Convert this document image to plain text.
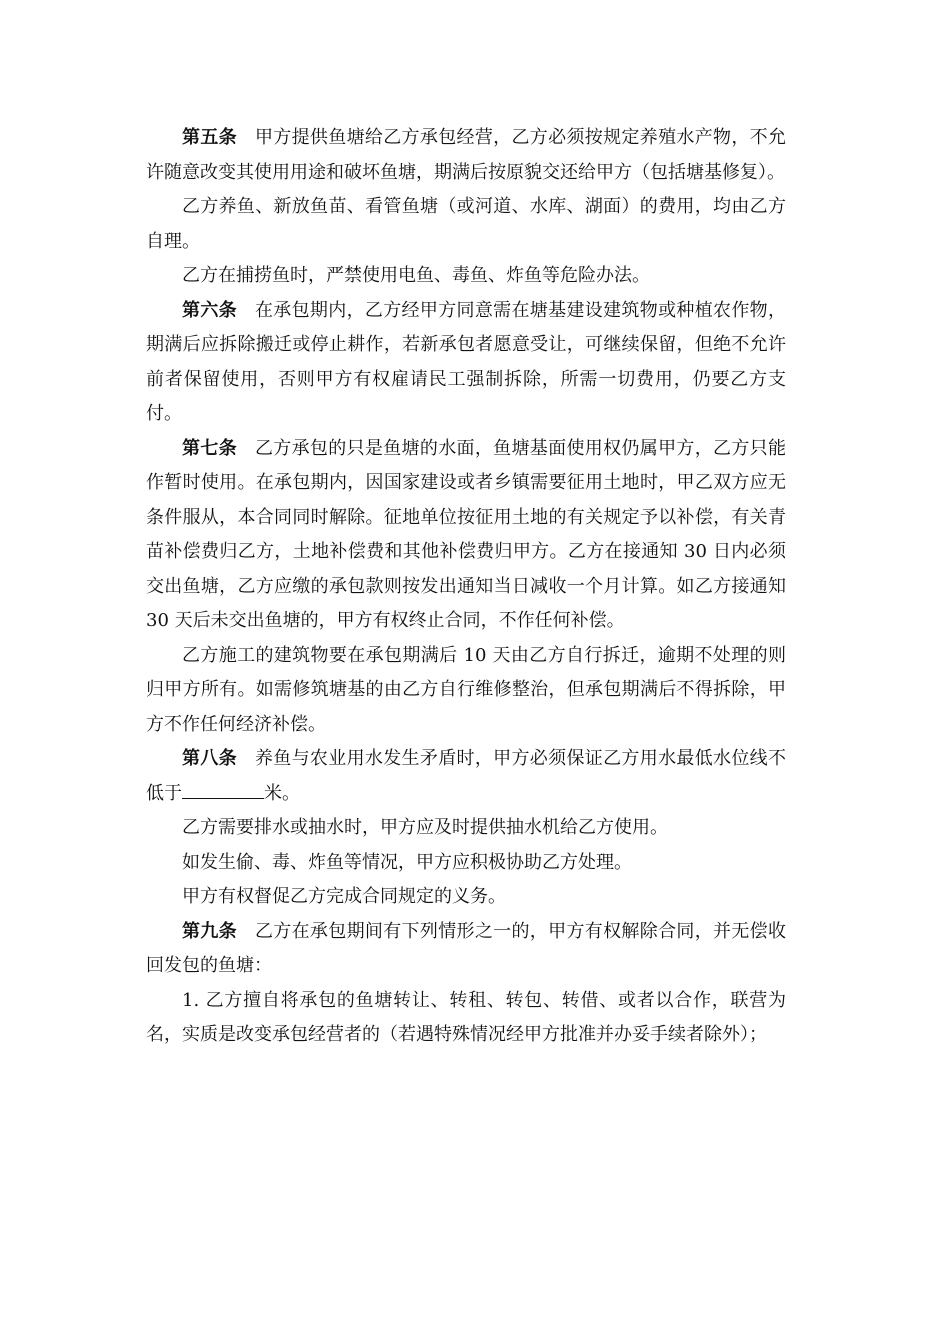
第五条 甲方提供鱼塘给乙方承包经营，乙方必须按规定养殖水产物，不允许随意改变其使用用途和破坏鱼塘，期满后按原貌交还给甲方（包括塘基修复）。

乙方养鱼、新放鱼苗、看管鱼塘（或河道、水库、湖面）的费用，均由乙方自理。

乙方在捕捞鱼时，严禁使用电鱼、毒鱼、炸鱼等危险办法。

第六条 在承包期内，乙方经甲方同意需在塘基建设建筑物或种植农作物，期满后应拆除搬迁或停止耕作，若新承包者愿意受让，可继续保留，但绝不允许前者保留使用，否则甲方有权雇请民工强制拆除，所需一切费用，仍要乙方支付。

第七条 乙方承包的只是鱼塘的水面，鱼塘基面使用权仍属甲方，乙方只能作暂时使用。在承包期内，因国家建设或者乡镇需要征用土地时，甲乙双方应无条件服从，本合同同时解除。征地单位按征用土地的有关规定予以补偿，有关青苗补偿费归乙方，土地补偿费和其他补偿费归甲方。乙方在接通知 30 日内必须交出鱼塘，乙方应缴的承包款则按发出通知当日减收一个月计算。如乙方接通知 30 天后未交出鱼塘的，甲方有权终止合同，不作任何补偿。

乙方施工的建筑物要在承包期满后 10 天由乙方自行拆迁，逾期不处理的则归甲方所有。如需修筑塘基的由乙方自行维修整治，但承包期满后不得拆除，甲方不作任何经济补偿。

第八条 养鱼与农业用水发生矛盾时，甲方必须保证乙方用水最低水位线不低于	米。

乙方需要排水或抽水时，甲方应及时提供抽水机给乙方使用。

如发生偷、毒、炸鱼等情况，甲方应积极协助乙方处理。

甲方有权督促乙方完成合同规定的义务。

第九条 乙方在承包期间有下列情形之一的，甲方有权解除合同，并无偿收回发包的鱼塘：

1. 乙方擅自将承包的鱼塘转让、转租、转包、转借、或者以合作，联营为名，实质是改变承包经营者的（若遇特殊情况经甲方批准并办妥手续者除外）；
